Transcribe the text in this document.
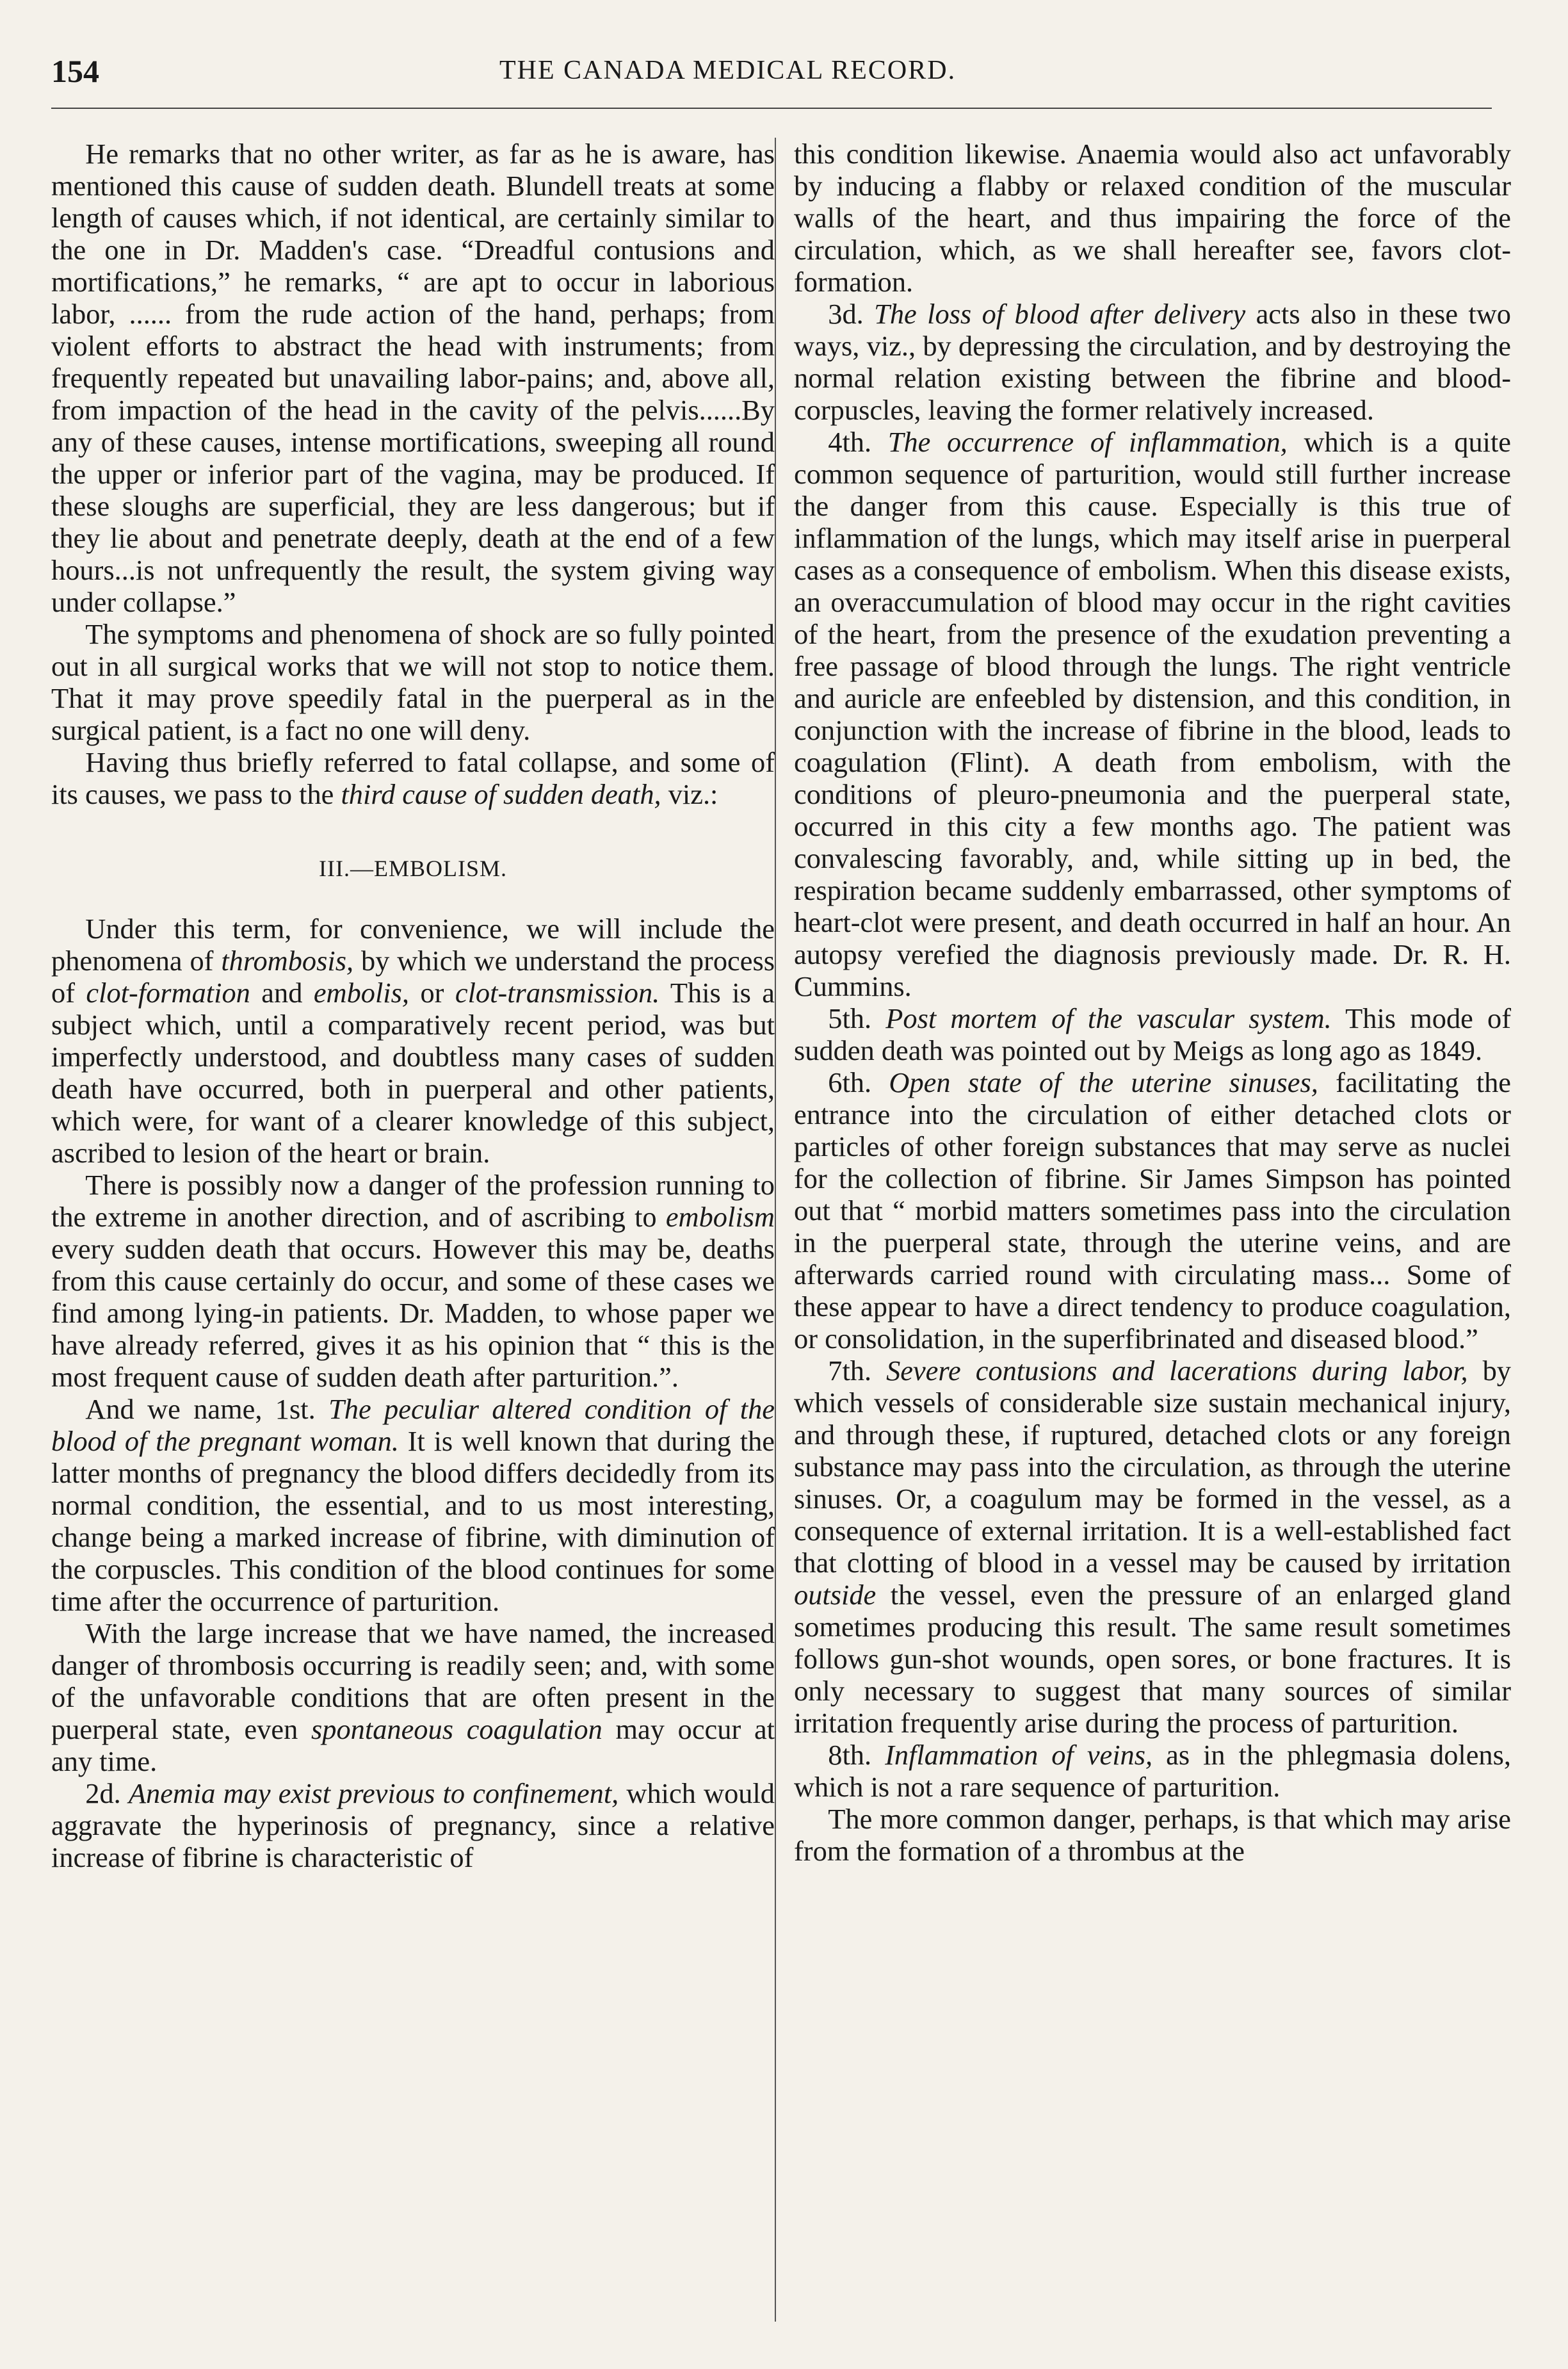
154	THE CANADA MEDICAL RECORD.

He remarks that no other writer, as far as he is aware, has mentioned this cause of sudden death. Blundell treats at some length of causes which, if not identical, are certainly similar to the one in Dr. Madden's case. “Dreadful contusions and mortifications,” he remarks, “ are apt to occur in laborious labor, ...... from the rude action of the hand, perhaps; from violent efforts to abstract the head with instruments; from frequently repeated but unavailing labor-pains; and, above all, from impaction of the head in the cavity of the pelvis......By any of these causes, intense mortifications, sweeping all round the upper or inferior part of the vagina, may be produced. If these sloughs are superficial, they are less dangerous; but if they lie about and penetrate deeply, death at the end of a few hours...is not unfrequently the result, the system giving way under collapse.”

The symptoms and phenomena of shock are so fully pointed out in all surgical works that we will not stop to notice them. That it may prove speedily fatal in the puerperal as in the surgical patient, is a fact no one will deny.

Having thus briefly referred to fatal collapse, and some of its causes, we pass to the third cause of sudden death, viz.:

III.—EMBOLISM.

Under this term, for convenience, we will include the phenomena of thrombosis, by which we understand the process of clot-formation and embolis, or clot-transmission. This is a subject which, until a comparatively recent period, was but imperfectly understood, and doubtless many cases of sudden death have occurred, both in puerperal and other patients, which were, for want of a clearer knowledge of this subject, ascribed to lesion of the heart or brain.

There is possibly now a danger of the profession running to the extreme in another direction, and of ascribing to embolism every sudden death that occurs. However this may be, deaths from this cause certainly do occur, and some of these cases we find among lying-in patients. Dr. Madden, to whose paper we have already referred, gives it as his opinion that “ this is the most frequent cause of sudden death after parturition.”.

And we name, 1st. The peculiar altered condition of the blood of the pregnant woman. It is well known that during the latter months of pregnancy the blood differs decidedly from its normal condition, the essential, and to us most interesting, change being a marked increase of fibrine, with diminution of the corpuscles. This condition of the blood continues for some time after the occurrence of parturition.

With the large increase that we have named, the increased danger of thrombosis occurring is readily seen; and, with some of the unfavorable conditions that are often present in the puerperal state, even spontaneous coagulation may occur at any time.

2d. Anemia may exist previous to confinement, which would aggravate the hyperinosis of pregnancy, since a relative increase of fibrine is characteristic of

this condition likewise. Anaemia would also act unfavorably by inducing a flabby or relaxed condition of the muscular walls of the heart, and thus impairing the force of the circulation, which, as we shall hereafter see, favors clot-formation.

3d. The loss of blood after delivery acts also in these two ways, viz., by depressing the circulation, and by destroying the normal relation existing between the fibrine and blood-corpuscles, leaving the former relatively increased.

4th. The occurrence of inflammation, which is a quite common sequence of parturition, would still further increase the danger from this cause. Especially is this true of inflammation of the lungs, which may itself arise in puerperal cases as a consequence of embolism. When this disease exists, an overaccumulation of blood may occur in the right cavities of the heart, from the presence of the exudation preventing a free passage of blood through the lungs. The right ventricle and auricle are enfeebled by distension, and this condition, in conjunction with the increase of fibrine in the blood, leads to coagulation (Flint). A death from embolism, with the conditions of pleuro-pneumonia and the puerperal state, occurred in this city a few months ago. The patient was convalescing favorably, and, while sitting up in bed, the respiration became suddenly embarrassed, other symptoms of heart-clot were present, and death occurred in half an hour. An autopsy verefied the diagnosis previously made. Dr. R. H. Cummins.

5th. Post mortem of the vascular system. This mode of sudden death was pointed out by Meigs as long ago as 1849.

6th. Open state of the uterine sinuses, facilitating the entrance into the circulation of either detached clots or particles of other foreign substances that may serve as nuclei for the collection of fibrine. Sir James Simpson has pointed out that “ morbid matters sometimes pass into the circulation in the puerperal state, through the uterine veins, and are afterwards carried round with circulating mass... Some of these appear to have a direct tendency to produce coagulation, or consolidation, in the superfibrinated and diseased blood.”

7th. Severe contusions and lacerations during labor, by which vessels of considerable size sustain mechanical injury, and through these, if ruptured, detached clots or any foreign substance may pass into the circulation, as through the uterine sinuses. Or, a coagulum may be formed in the vessel, as a consequence of external irritation. It is a well-established fact that clotting of blood in a vessel may be caused by irritation outside the vessel, even the pressure of an enlarged gland sometimes producing this result. The same result sometimes follows gun-shot wounds, open sores, or bone fractures. It is only necessary to suggest that many sources of similar irritation frequently arise during the process of parturition.

8th. Inflammation of veins, as in the phlegmasia dolens, which is not a rare sequence of parturition.

The more common danger, perhaps, is that which may arise from the formation of a thrombus at the
